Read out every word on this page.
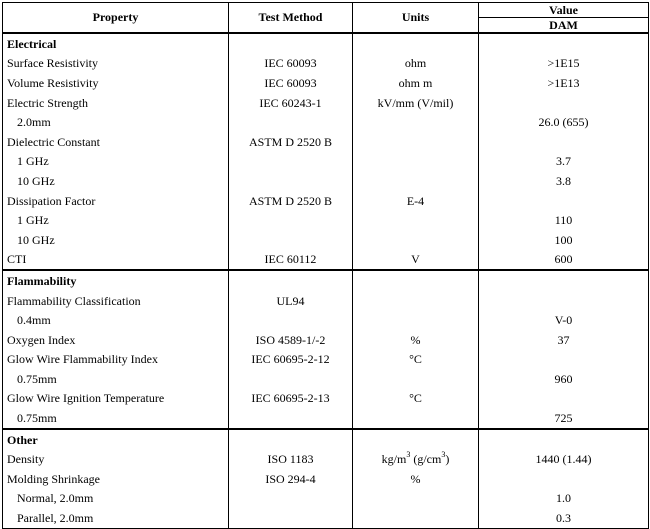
Property	Test Method	Units	Value
			DAM
Electrical			
Surface Resistivity	IEC 60093	ohm	>1E15
Volume Resistivity	IEC 60093	ohm m	>1E13
Electric Strength	IEC 60243-1	kV/mm (V/mil)	
2.0mm			26.0 (655)
Dielectric Constant	ASTM D 2520 B		
1 GHz			3.7
10 GHz			3.8
Dissipation Factor	ASTM D 2520 B	E-4	
1 GHz			110
10 GHz			100
CTI	IEC 60112	V	600
Flammability			
Flammability Classification	UL94		
0.4mm			V-0
Oxygen Index	ISO 4589-1/-2	%	37
Glow Wire Flammability Index	IEC 60695-2-12	°C	
0.75mm			960
Glow Wire Ignition Temperature	IEC 60695-2-13	°C	
0.75mm			725
Other			
Density	ISO 1183	$kg/m^3$ $(g/cm^3)$	1440 (1.44)
Molding Shrinkage	ISO 294-4	%	
Normal, 2.0mm			1.0
Parallel, 2.0mm			0.3
